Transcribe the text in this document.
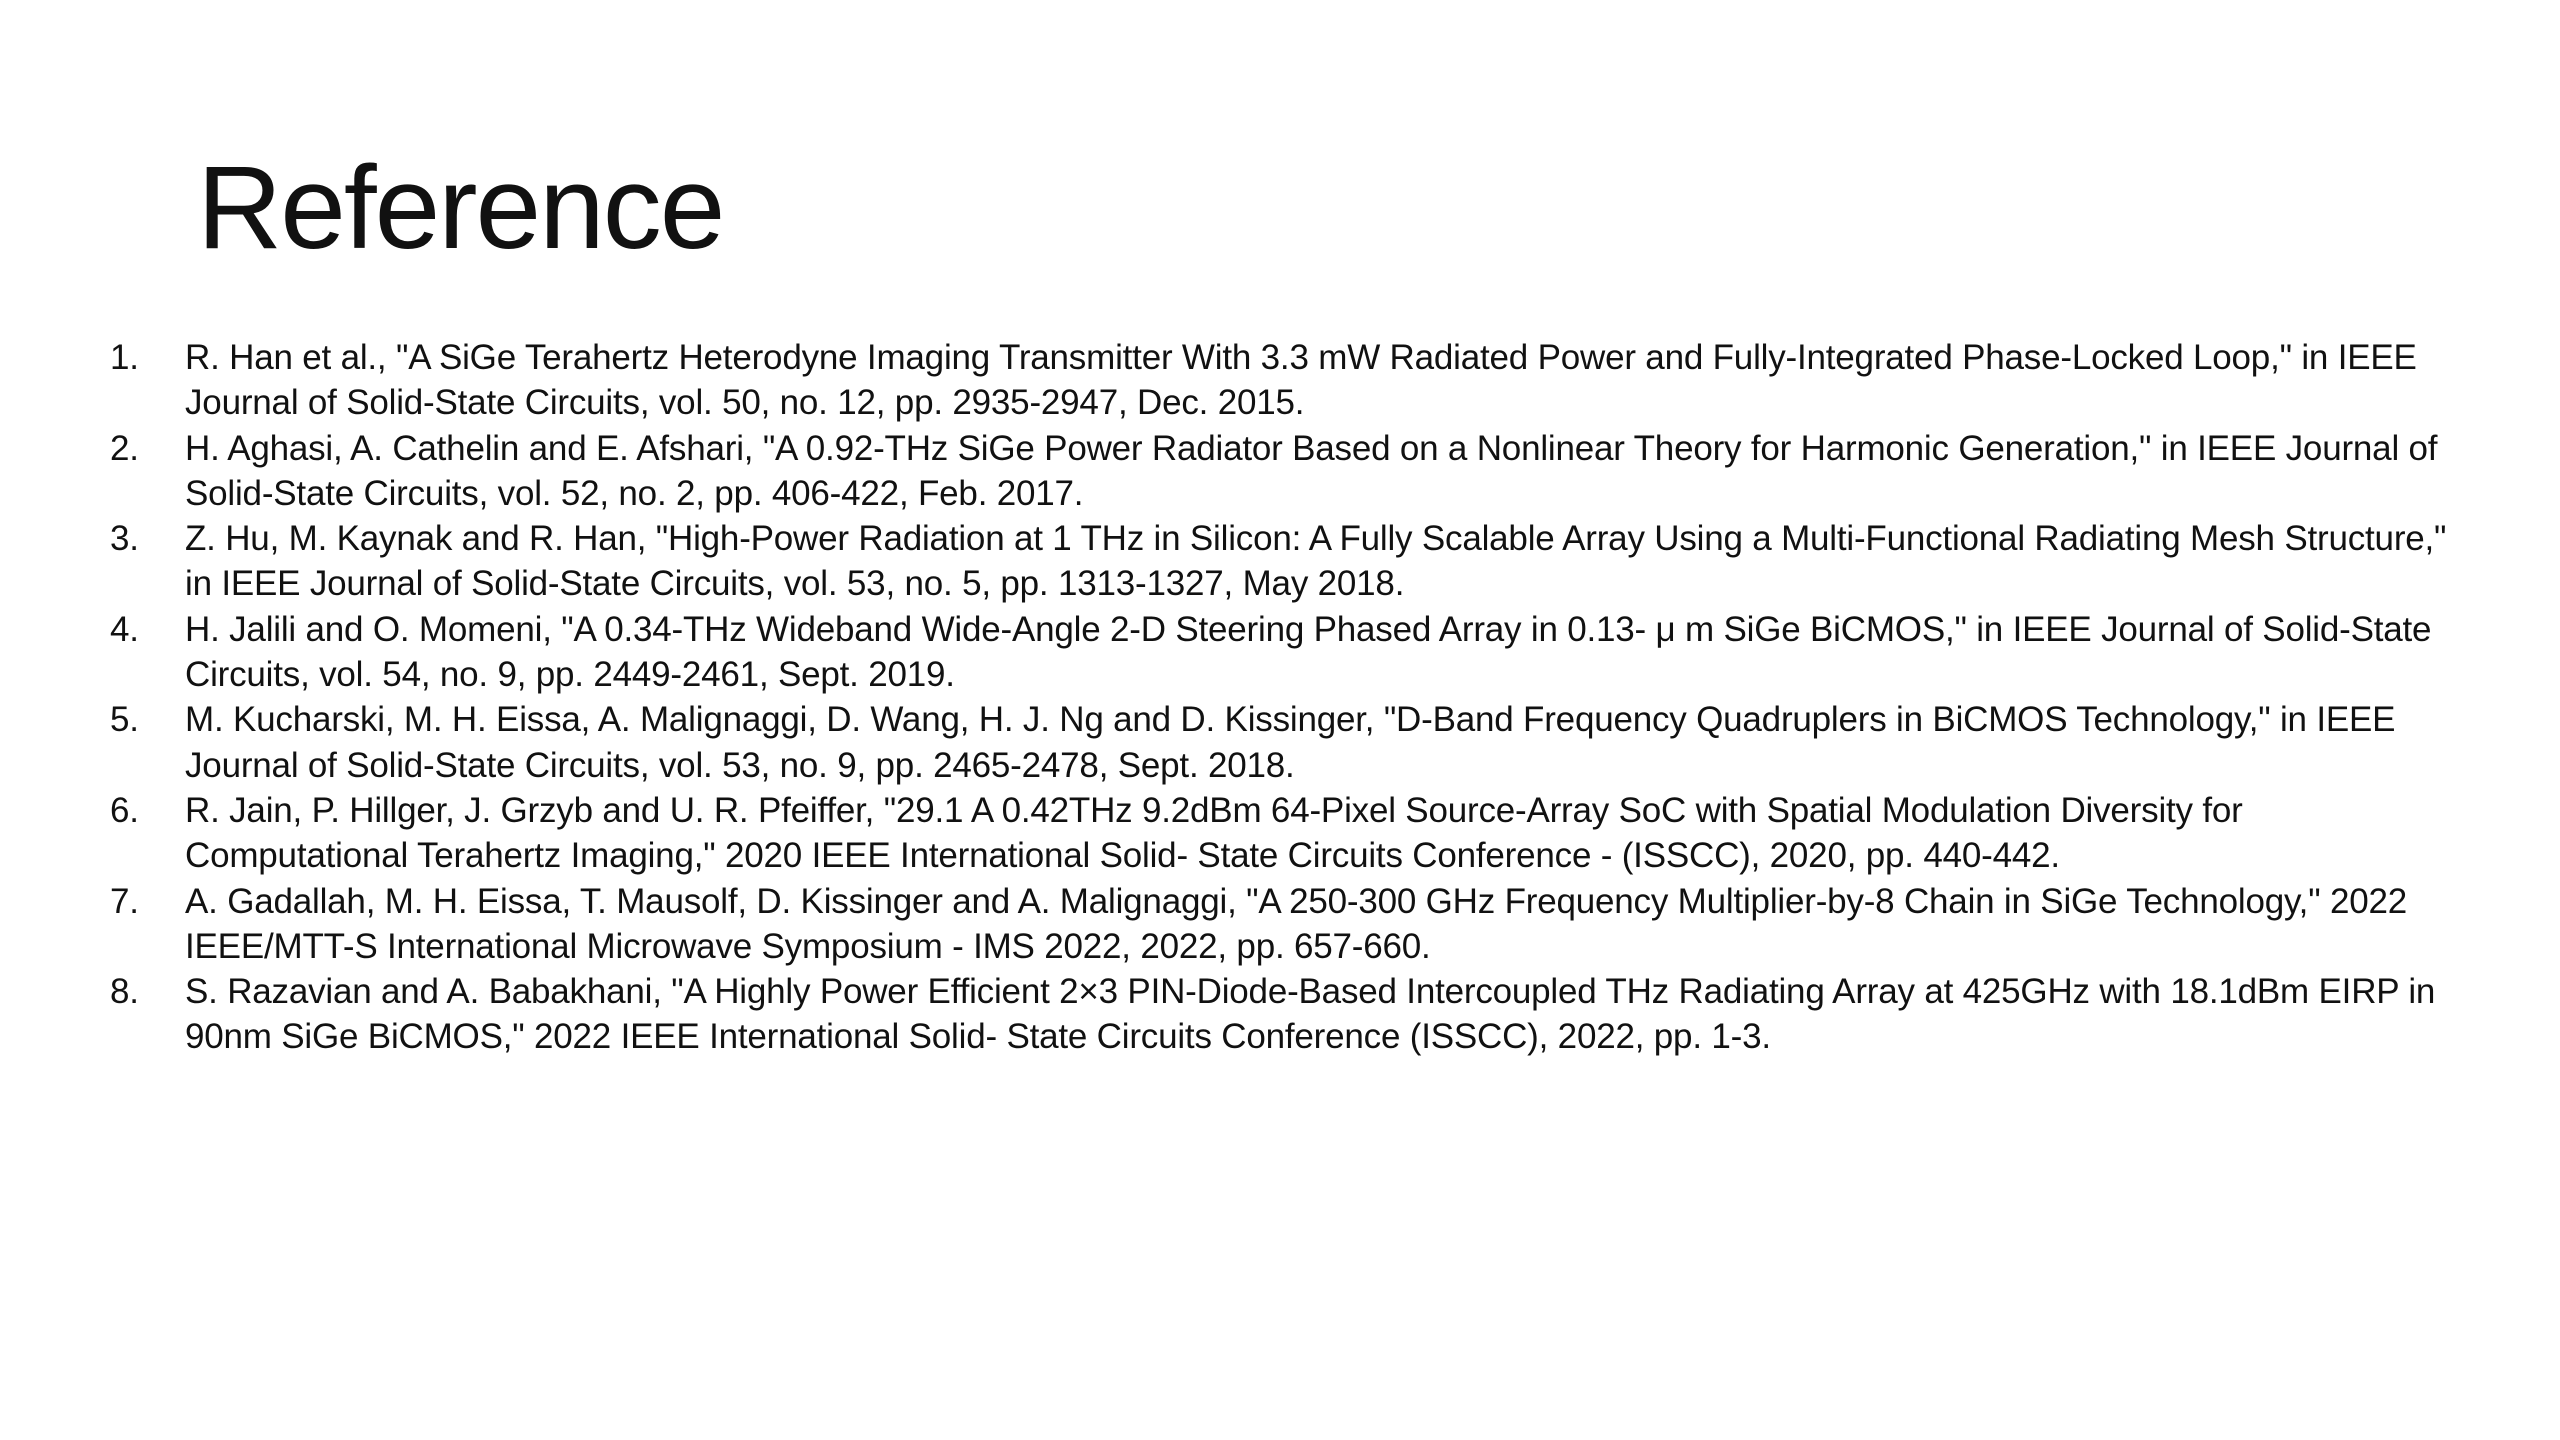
Reference
1. R. Han et al., "A SiGe Terahertz Heterodyne Imaging Transmitter With 3.3 mW Radiated Power and Fully-Integrated Phase-Locked Loop," in IEEE Journal of Solid-State Circuits, vol. 50, no. 12, pp. 2935-2947, Dec. 2015.
2. H. Aghasi, A. Cathelin and E. Afshari, "A 0.92-THz SiGe Power Radiator Based on a Nonlinear Theory for Harmonic Generation," in IEEE Journal of Solid-State Circuits, vol. 52, no. 2, pp. 406-422, Feb. 2017.
3. Z. Hu, M. Kaynak and R. Han, "High-Power Radiation at 1 THz in Silicon: A Fully Scalable Array Using a Multi-Functional Radiating Mesh Structure," in IEEE Journal of Solid-State Circuits, vol. 53, no. 5, pp. 1313-1327, May 2018.
4. H. Jalili and O. Momeni, "A 0.34-THz Wideband Wide-Angle 2-D Steering Phased Array in 0.13- μ m SiGe BiCMOS," in IEEE Journal of Solid-State Circuits, vol. 54, no. 9, pp. 2449-2461, Sept. 2019.
5. M. Kucharski, M. H. Eissa, A. Malignaggi, D. Wang, H. J. Ng and D. Kissinger, "D-Band Frequency Quadruplers in BiCMOS Technology," in IEEE Journal of Solid-State Circuits, vol. 53, no. 9, pp. 2465-2478, Sept. 2018.
6. R. Jain, P. Hillger, J. Grzyb and U. R. Pfeiffer, "29.1 A 0.42THz 9.2dBm 64-Pixel Source-Array SoC with Spatial Modulation Diversity for Computational Terahertz Imaging," 2020 IEEE International Solid- State Circuits Conference - (ISSCC), 2020, pp. 440-442.
7. A. Gadallah, M. H. Eissa, T. Mausolf, D. Kissinger and A. Malignaggi, "A 250-300 GHz Frequency Multiplier-by-8 Chain in SiGe Technology," 2022 IEEE/MTT-S International Microwave Symposium - IMS 2022, 2022, pp. 657-660.
8. S. Razavian and A. Babakhani, "A Highly Power Efficient 2×3 PIN-Diode-Based Intercoupled THz Radiating Array at 425GHz with 18.1dBm EIRP in 90nm SiGe BiCMOS," 2022 IEEE International Solid- State Circuits Conference (ISSCC), 2022, pp. 1-3.
